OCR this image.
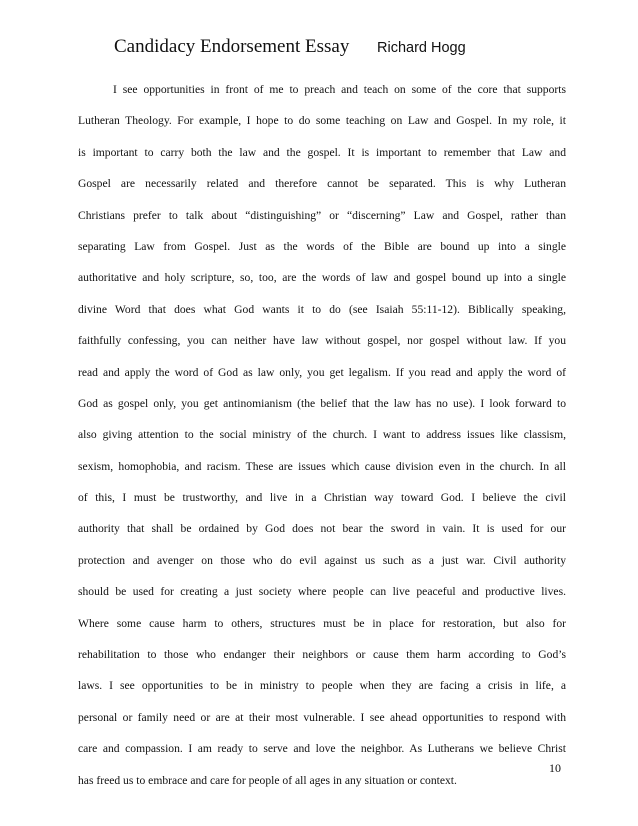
Candidacy Endorsement Essay Richard Hogg
I see opportunities in front of me to preach and teach on some of the core that supports
Lutheran Theology. For example, I hope to do some teaching on Law and Gospel. In my role, it
is important to carry both the law and the gospel. It is important to remember that Law and
Gospel are necessarily related and therefore cannot be separated. This is why Lutheran
Christians prefer to talk about “distinguishing” or “discerning” Law and Gospel, rather than
separating Law from Gospel. Just as the words of the Bible are bound up into a single
authoritative and holy scripture, so, too, are the words of law and gospel bound up into a single
divine Word that does what God wants it to do (see Isaiah 55:11-12). Biblically speaking,
faithfully confessing, you can neither have law without gospel, nor gospel without law. If you
read and apply the word of God as law only, you get legalism. If you read and apply the word of
God as gospel only, you get antinomianism (the belief that the law has no use). I look forward to
also giving attention to the social ministry of the church. I want to address issues like classism,
sexism, homophobia, and racism. These are issues which cause division even in the church. In all
of this, I must be trustworthy, and live in a Christian way toward God. I believe the civil
authority that shall be ordained by God does not bear the sword in vain. It is used for our
protection and avenger on those who do evil against us such as a just war. Civil authority
should be used for creating a just society where people can live peaceful and productive lives.
Where some cause harm to others, structures must be in place for restoration, but also for
rehabilitation to those who endanger their neighbors or cause them harm according to God’s
laws. I see opportunities to be in ministry to people when they are facing a crisis in life, a
personal or family need or are at their most vulnerable. I see ahead opportunities to respond with
care and compassion. I am ready to serve and love the neighbor. As Lutherans we believe Christ
has freed us to embrace and care for people of all ages in any situation or context.
10
